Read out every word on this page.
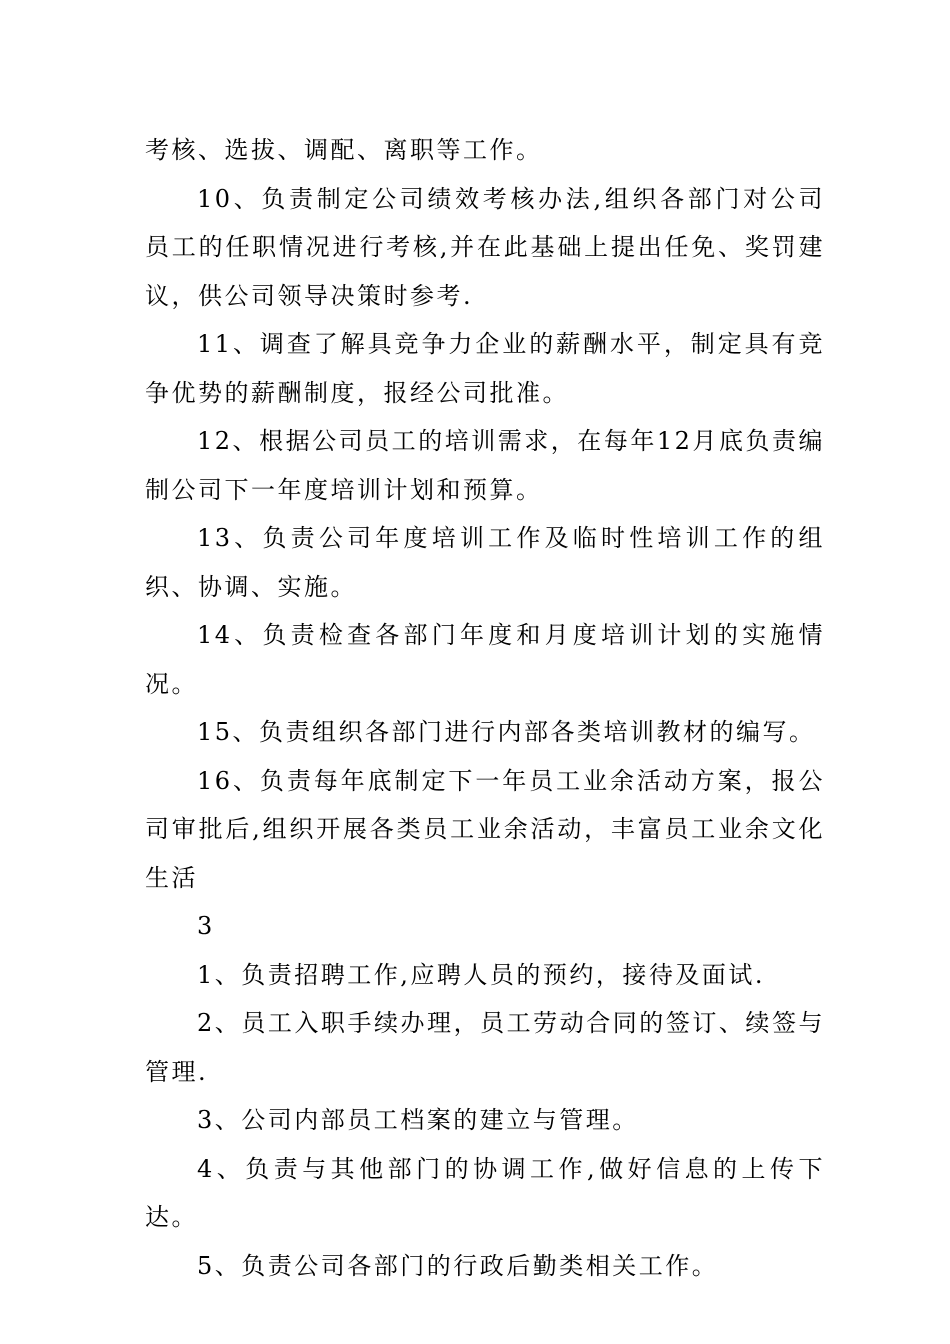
考核、选拔、调配、离职等工作。

10、负责制定公司绩效考核办法,组织各部门对公司员工的任职情况进行考核,并在此基础上提出任免、奖罚建议，供公司领导决策时参考.

11、调查了解具竞争力企业的薪酬水平，制定具有竞争优势的薪酬制度，报经公司批准。

12、根据公司员工的培训需求，在每年12月底负责编制公司下一年度培训计划和预算。

13、负责公司年度培训工作及临时性培训工作的组织、协调、实施。

14、负责检查各部门年度和月度培训计划的实施情况。

15、负责组织各部门进行内部各类培训教材的编写。

16、负责每年底制定下一年员工业余活动方案，报公司审批后,组织开展各类员工业余活动，丰富员工业余文化生活

3

1、负责招聘工作,应聘人员的预约，接待及面试.

2、员工入职手续办理，员工劳动合同的签订、续签与管理.

3、公司内部员工档案的建立与管理。

4、负责与其他部门的协调工作,做好信息的上传下达。

5、负责公司各部门的行政后勤类相关工作。
